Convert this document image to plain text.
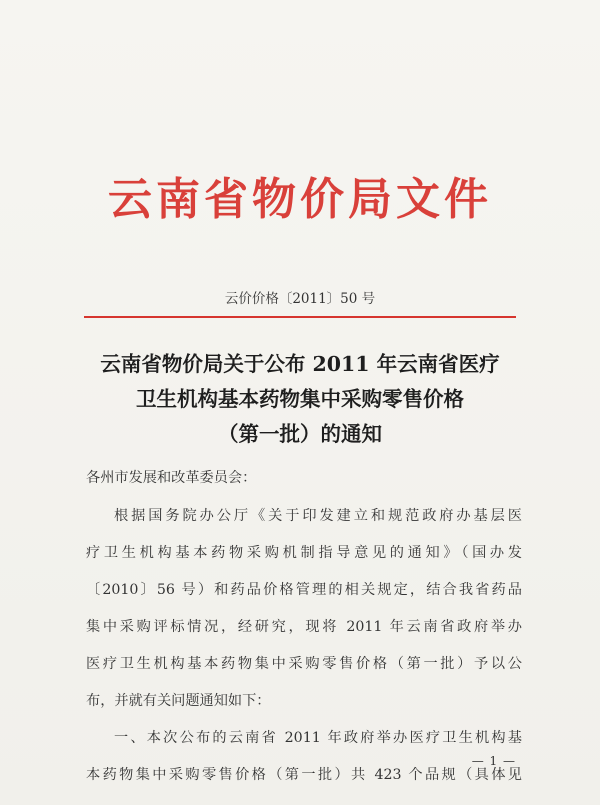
云南省物价局文件
云价价格〔2011〕50 号
云南省物价局关于公布 2011 年云南省医疗
卫生机构基本药物集中采购零售价格
（第一批）的通知
各州市发展和改革委员会：
根据国务院办公厅《关于印发建立和规范政府办基层医
疗卫生机构基本药物采购机制指导意见的通知》（国办发
〔2010〕56 号）和药品价格管理的相关规定，结合我省药品
集中采购评标情况，经研究，现将 2011 年云南省政府举办
医疗卫生机构基本药物集中采购零售价格（第一批）予以公
布，并就有关问题通知如下：
一、本次公布的云南省 2011 年政府举办医疗卫生机构基
本药物集中采购零售价格（第一批）共 423 个品规（具体见
— 1 —
